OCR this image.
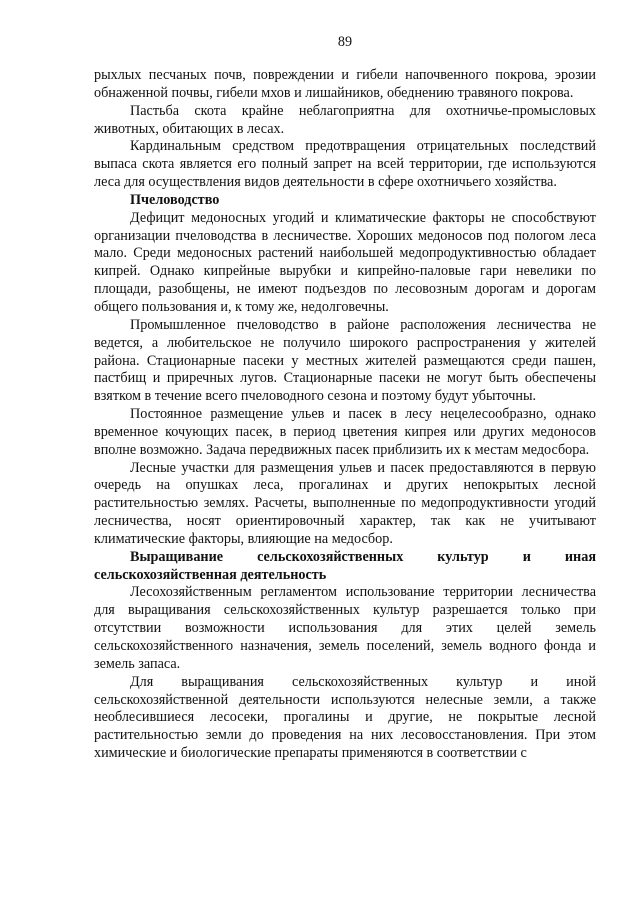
89

рыхлых песчаных почв, повреждении и гибели напочвенного покрова, эрозии обнаженной почвы, гибели мхов и лишайников, обеднению травяного покрова.

Пастьба скота крайне неблагоприятна для охотничье-промысловых животных, обитающих в лесах.

Кардинальным средством предотвращения отрицательных последствий выпаса скота является его полный запрет на всей территории, где используются леса для осуществления видов деятельности в сфере охотничьего хозяйства.

Пчеловодство

Дефицит медоносных угодий и климатические факторы не способствуют организации пчеловодства в лесничестве. Хороших медоносов под пологом леса мало. Среди медоносных растений наибольшей медопродуктивностью обладает кипрей. Однако кипрейные вырубки и кипрейно-паловые гари невелики по площади, разобщены, не имеют подъездов по лесовозным дорогам и дорогам общего пользования и, к тому же, недолговечны.

Промышленное пчеловодство в районе расположения лесничества не ведется, а любительское не получило широкого распространения у жителей района. Стационарные пасеки у местных жителей размещаются среди пашен, пастбищ и приречных лугов. Стационарные пасеки не могут быть обеспечены взятком в течение всего пчеловодного сезона и поэтому будут убыточны.

Постоянное размещение ульев и пасек в лесу нецелесообразно, однако временное кочующих пасек, в период цветения кипрея или других медоносов вполне возможно. Задача передвижных пасек приблизить их к местам медосбора.

Лесные участки для размещения ульев и пасек предоставляются в первую очередь на опушках леса, прогалинах и других непокрытых лесной растительностью землях. Расчеты, выполненные по медопродуктивности угодий лесничества, носят ориентировочный характер, так как не учитывают климатические факторы, влияющие на медосбор.

Выращивание сельскохозяйственных культур и иная сельскохозяйственная деятельность

Лесохозяйственным регламентом использование территории лесничества для выращивания сельскохозяйственных культур разрешается только при отсутствии возможности использования для этих целей земель сельскохозяйственного назначения, земель поселений, земель водного фонда и земель запаса.

Для выращивания сельскохозяйственных культур и иной сельскохозяйственной деятельности используются нелесные земли, а также необлесившиеся лесосеки, прогалины и другие, не покрытые лесной растительностью земли до проведения на них лесовосстановления. При этом химические и биологические препараты применяются в соответствии с
